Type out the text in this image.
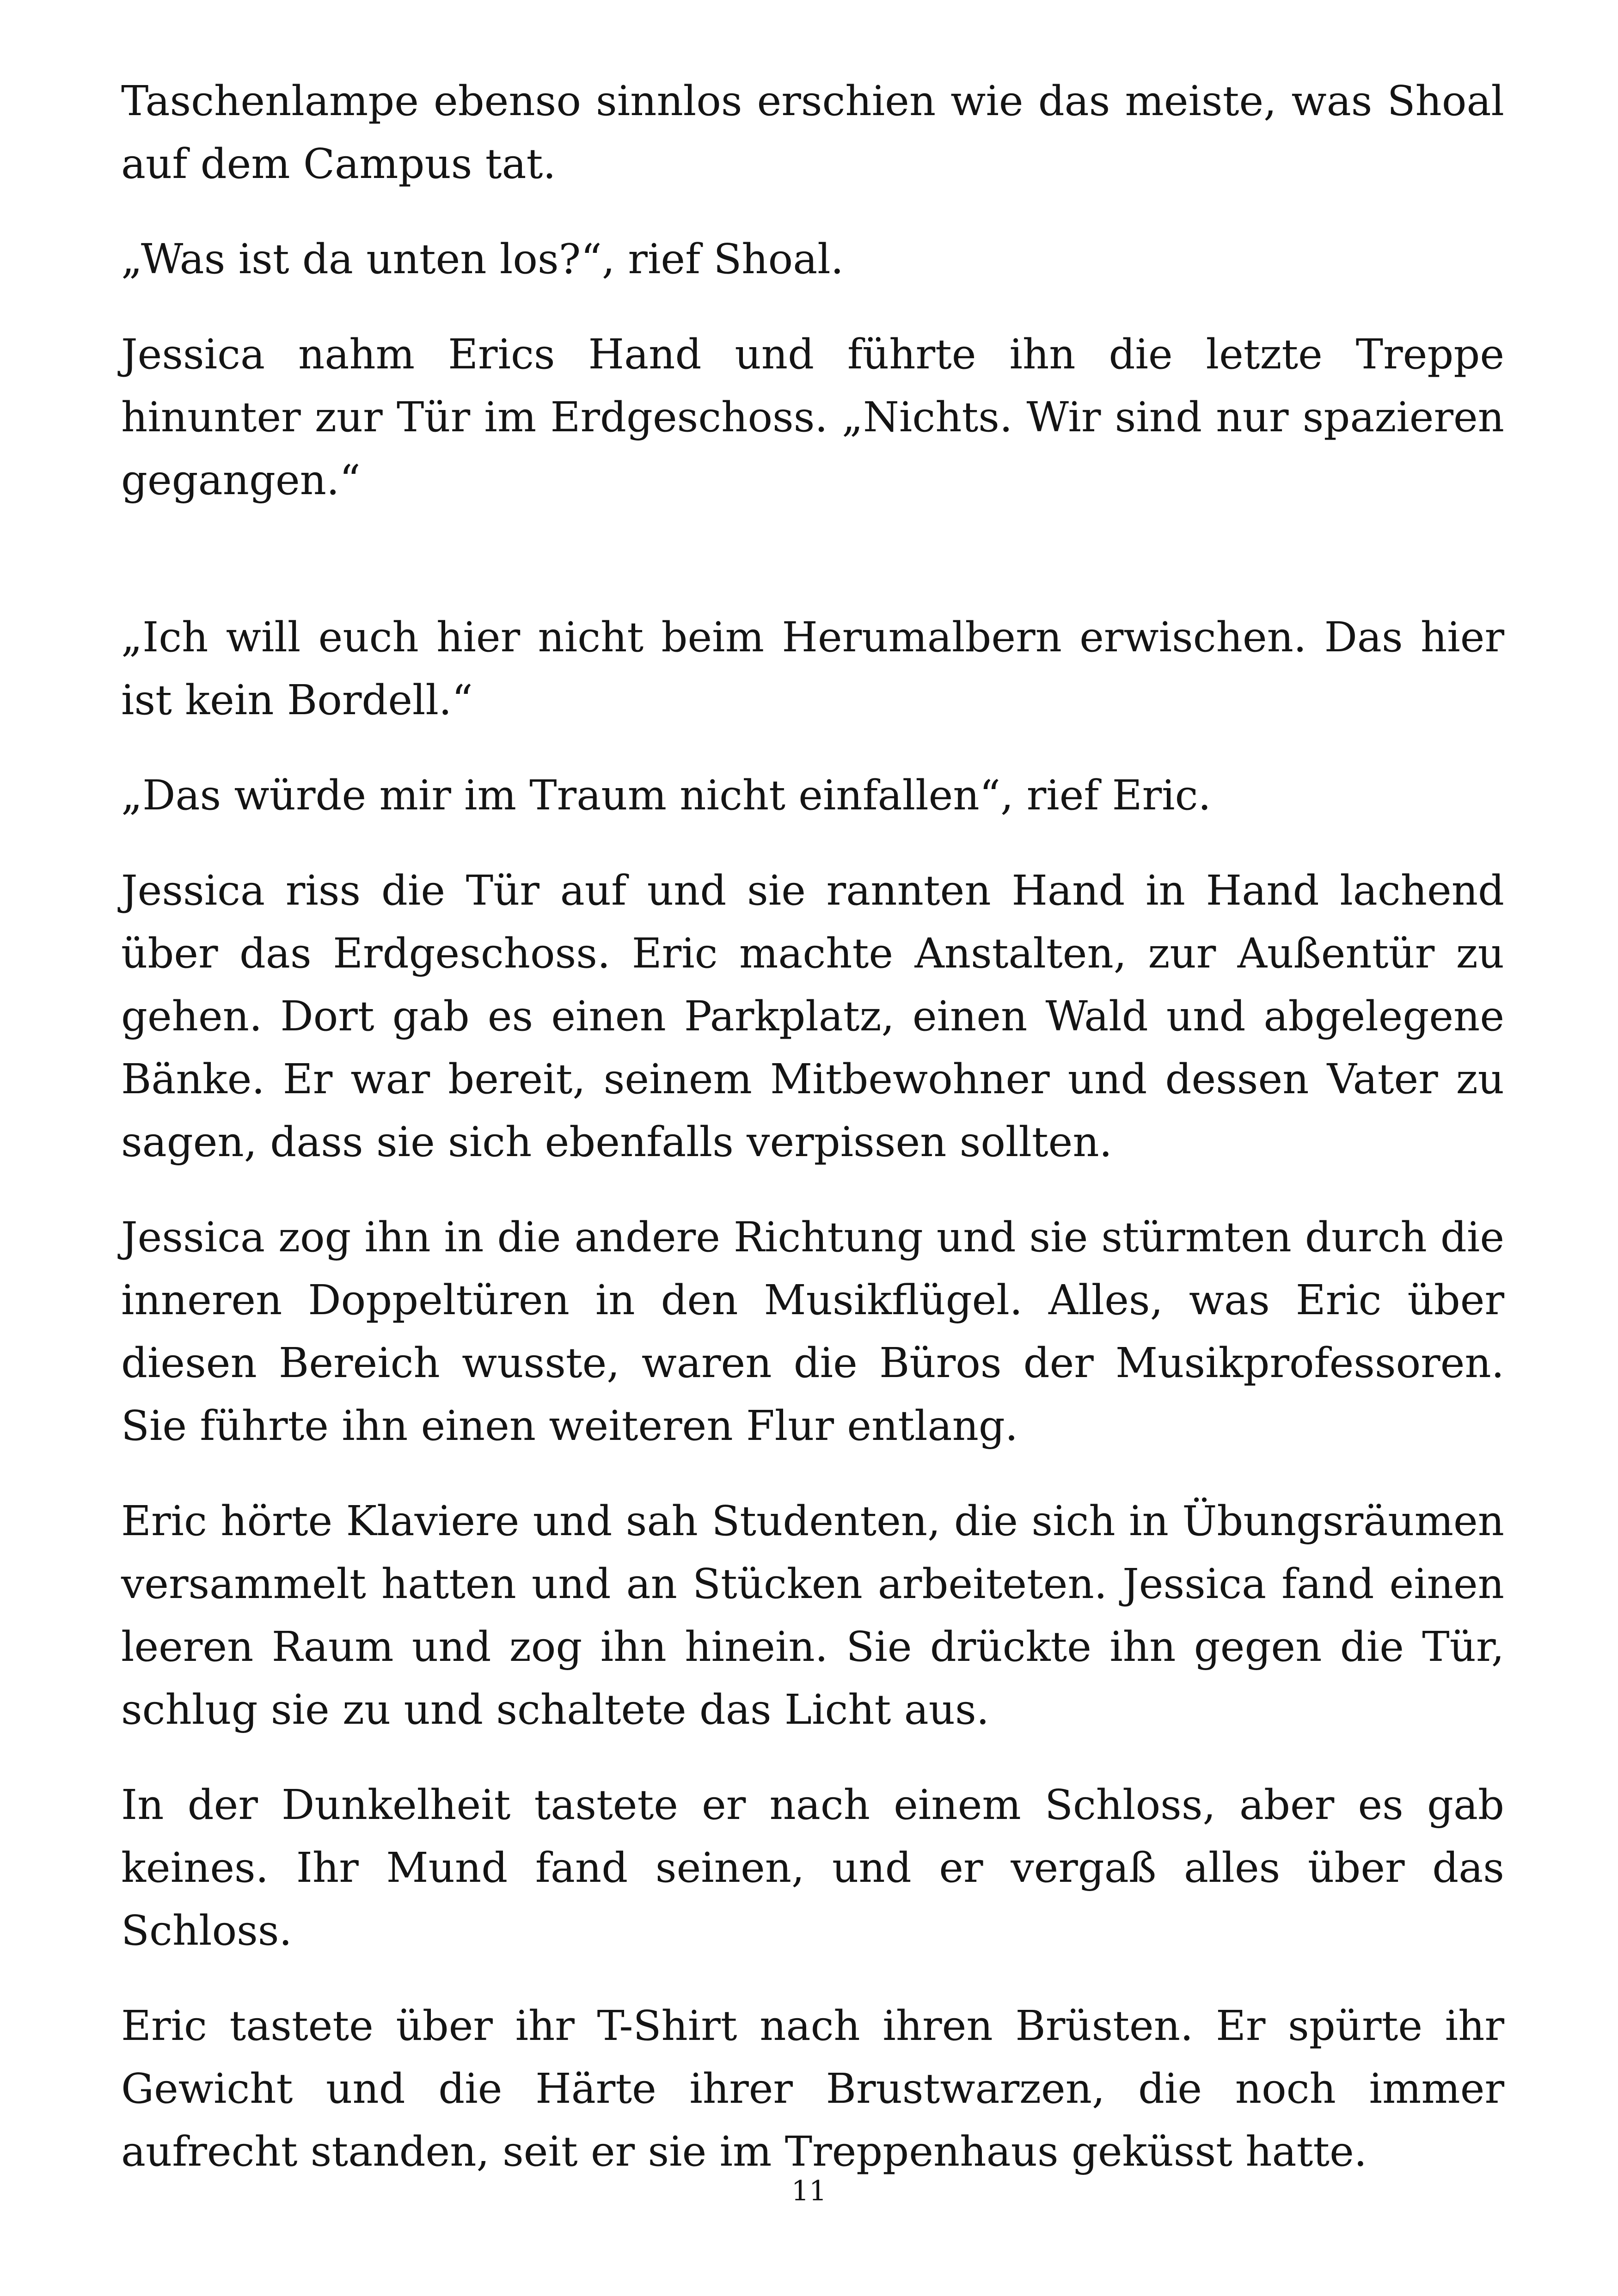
Taschenlampe ebenso sinnlos erschien wie das meiste, was Shoal auf dem Campus tat.

„Was ist da unten los?“, rief Shoal.

Jessica nahm Erics Hand und führte ihn die letzte Treppe hinunter zur Tür im Erdgeschoss. „Nichts. Wir sind nur spazieren gegangen.“

„Ich will euch hier nicht beim Herumalbern erwischen. Das hier ist kein Bordell.“

„Das würde mir im Traum nicht einfallen“, rief Eric.

Jessica riss die Tür auf und sie rannten Hand in Hand lachend über das Erdgeschoss. Eric machte Anstalten, zur Außentür zu gehen. Dort gab es einen Parkplatz, einen Wald und abgelegene Bänke. Er war bereit, seinem Mitbewohner und dessen Vater zu sagen, dass sie sich ebenfalls verpissen sollten.

Jessica zog ihn in die andere Richtung und sie stürmten durch die inneren Doppeltüren in den Musikflügel. Alles, was Eric über diesen Bereich wusste, waren die Büros der Musikprofessoren. Sie führte ihn einen weiteren Flur entlang.

Eric hörte Klaviere und sah Studenten, die sich in Übungsräumen versammelt hatten und an Stücken arbeiteten. Jessica fand einen leeren Raum und zog ihn hinein. Sie drückte ihn gegen die Tür, schlug sie zu und schaltete das Licht aus.

In der Dunkelheit tastete er nach einem Schloss, aber es gab keines. Ihr Mund fand seinen, und er vergaß alles über das Schloss.

Eric tastete über ihr T-Shirt nach ihren Brüsten. Er spürte ihr Gewicht und die Härte ihrer Brustwarzen, die noch immer aufrecht standen, seit er sie im Treppenhaus geküsst hatte.

11
